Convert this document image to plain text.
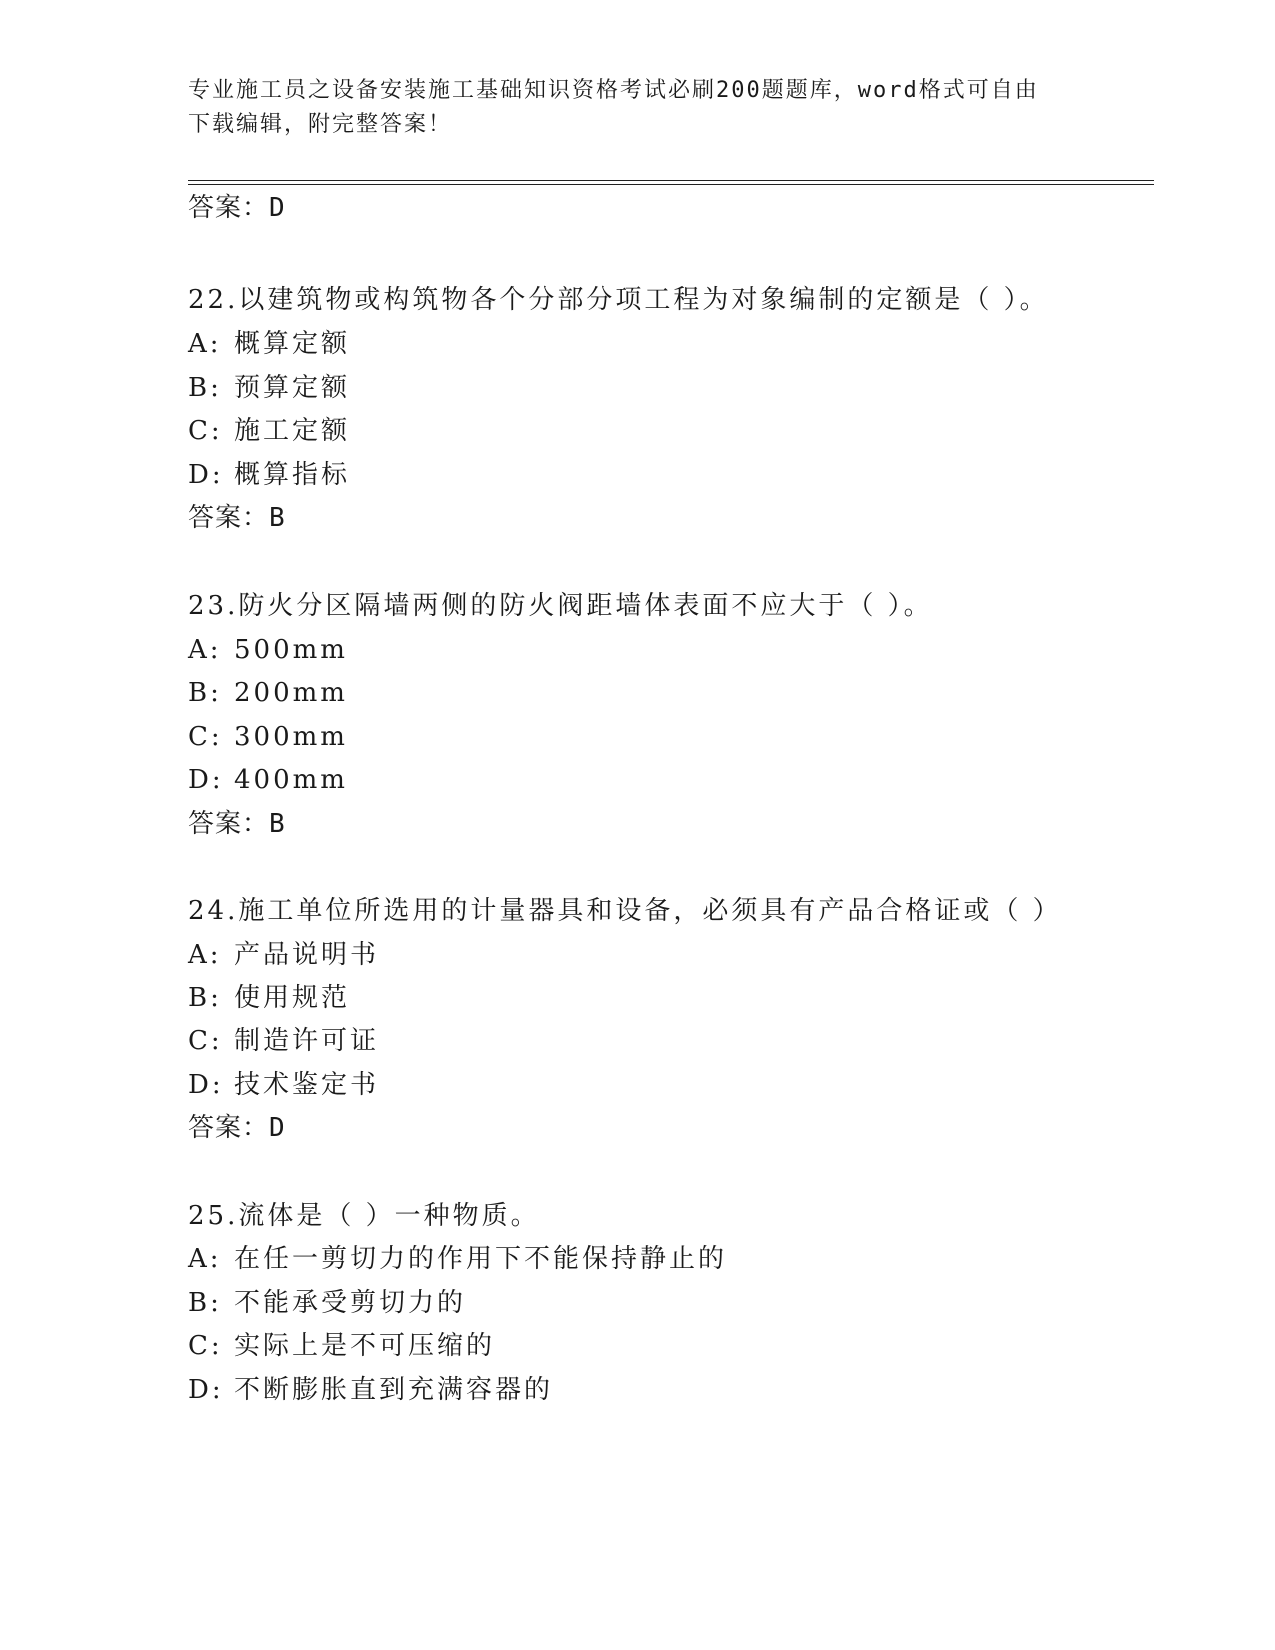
专业施工员之设备安装施工基础知识资格考试必刷200题题库，word格式可自由
下载编辑，附完整答案！
答案：D
22.以建筑物或构筑物各个分部分项工程为对象编制的定额是（ ）。
A: 概算定额
B: 预算定额
C: 施工定额
D: 概算指标
答案：B
23.防火分区隔墙两侧的防火阀距墙体表面不应大于（ ）。
A: 500mm
B: 200mm
C: 300mm
D: 400mm
答案：B
24.施工单位所选用的计量器具和设备，必须具有产品合格证或（ ）
A: 产品说明书
B: 使用规范
C: 制造许可证
D: 技术鉴定书
答案：D
25.流体是（ ）一种物质。
A: 在任一剪切力的作用下不能保持静止的
B: 不能承受剪切力的
C: 实际上是不可压缩的
D: 不断膨胀直到充满容器的
